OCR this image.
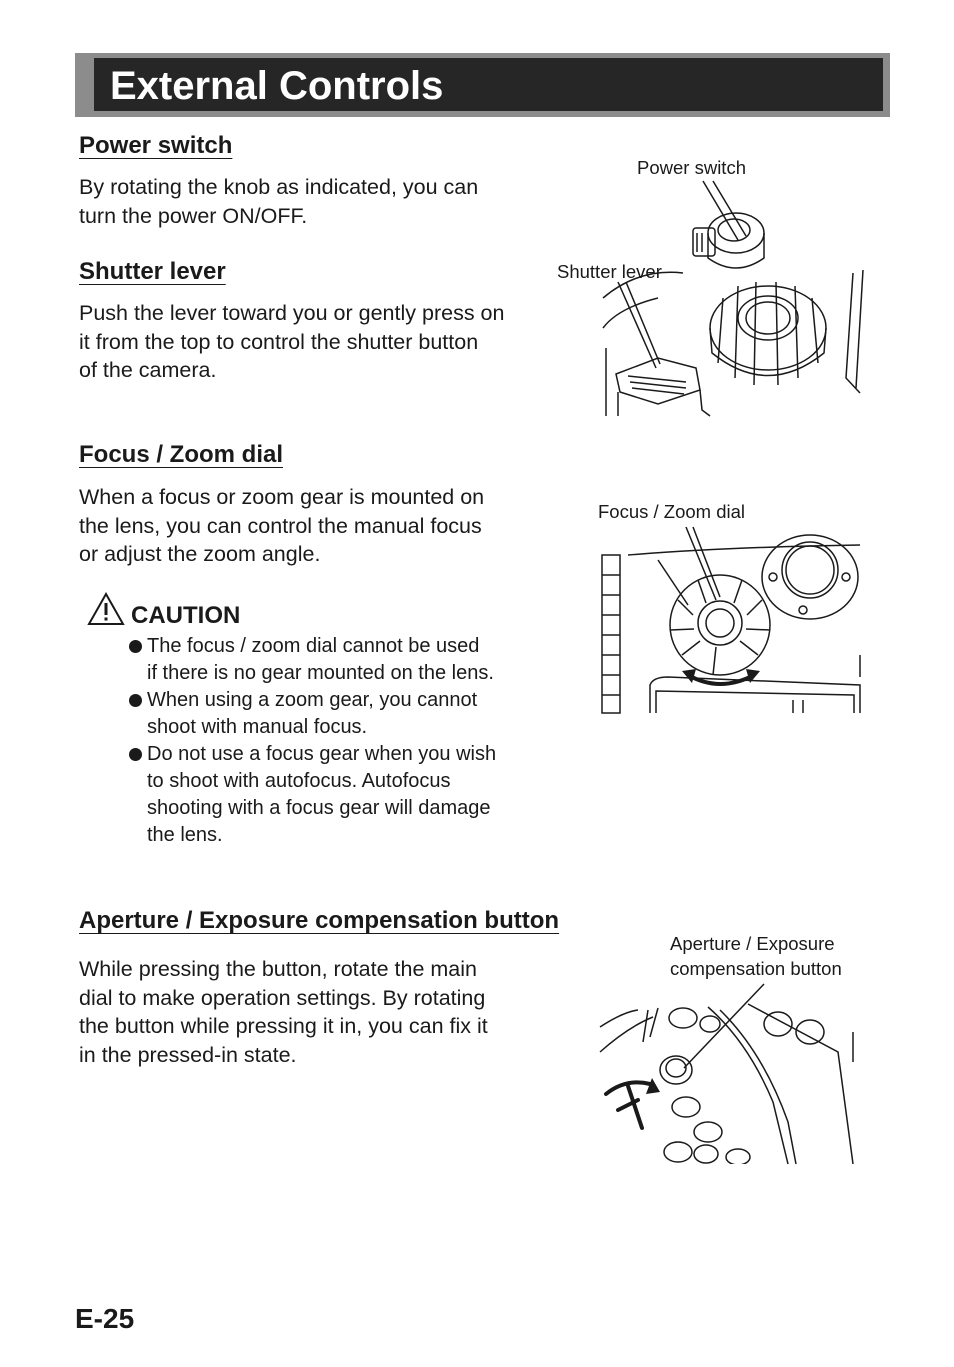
External Controls
Power switch

By rotating the knob as indicated, you can
turn the power ON/OFF.

Shutter lever

Push the lever toward you or gently press on
it from the top to control the shutter button
of the camera.

Focus / Zoom dial

When a focus or zoom gear is mounted on
the lens, you can control the manual focus
or adjust the zoom angle.

CAUTION
The focus / zoom dial cannot be used
if there is no gear mounted on the lens.
When using a zoom gear, you cannot
shoot with manual focus.
Do not use a focus gear when you wish
to shoot with autofocus. Autofocus
shooting with a focus gear will damage
the lens.
Aperture / Exposure compensation button

While pressing the button, rotate the main
dial to make operation settings. By rotating
the button while pressing it in, you can fix it
in the pressed-in state.

Power switch
Shutter lever
Focus / Zoom dial
Aperture / Exposure
compensation button
E-25
